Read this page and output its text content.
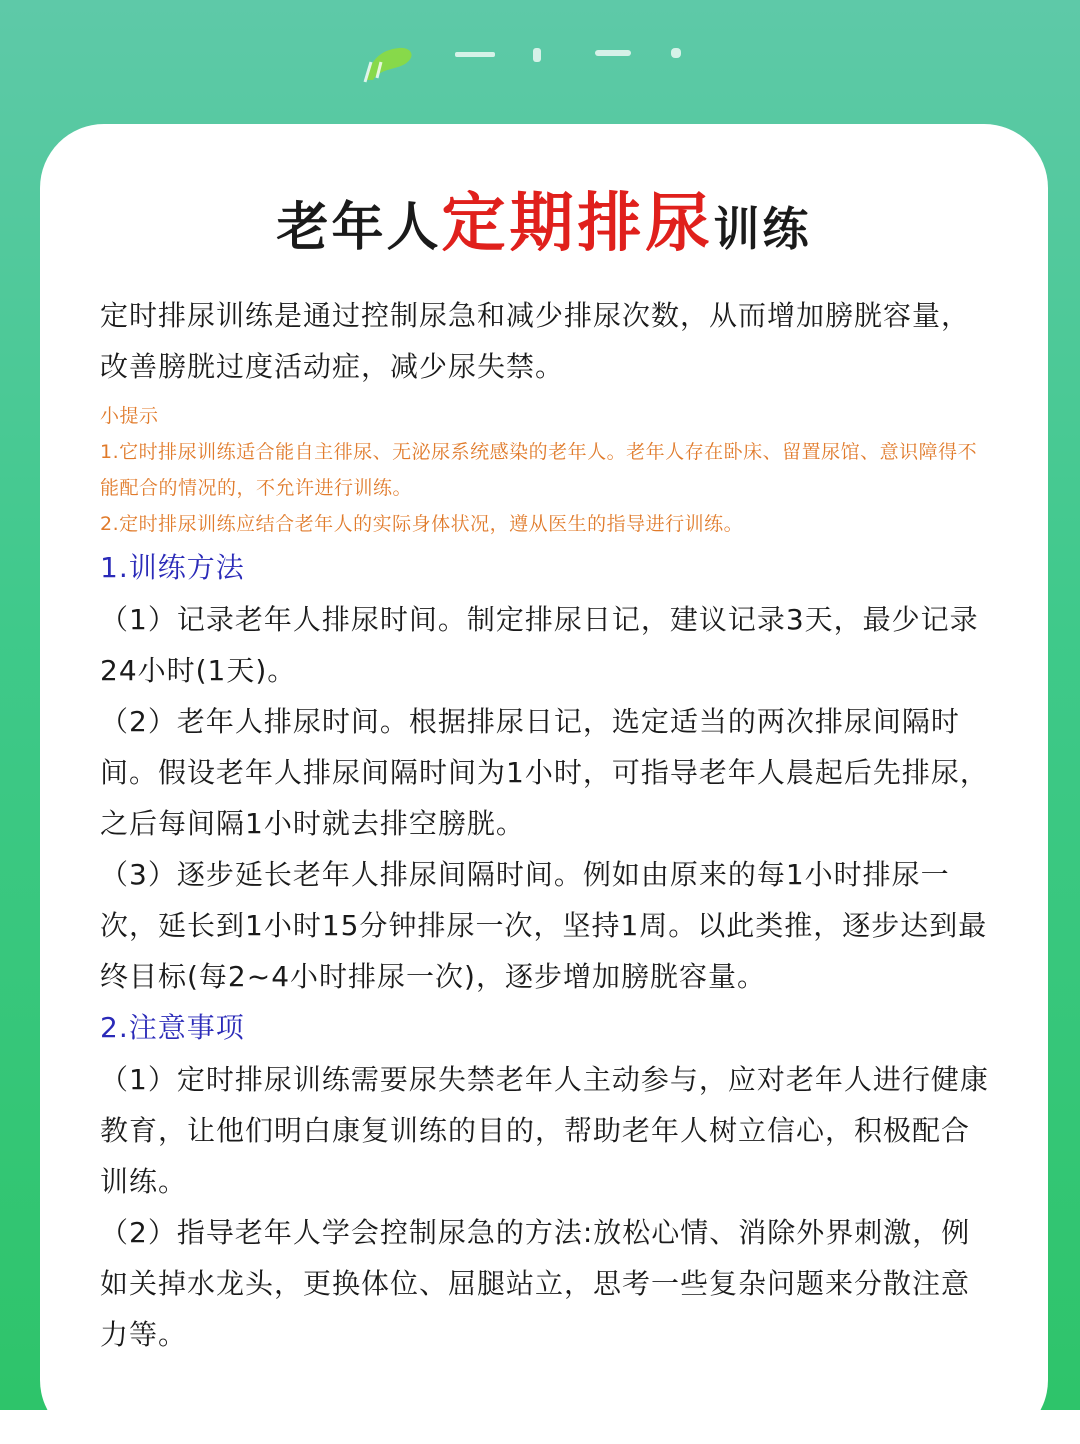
老年人定期排尿训练

定时排尿训练是通过控制尿急和减少排尿次数，从而增加膀胱容量，改善膀胱过度活动症，减少尿失禁。

小提示

1.它时排尿训练适合能自主徘尿、无泌尿系统感染的老年人。老年人存在卧床、留置尿馆、意识障得不能配合的情况的，不允许进行训练。

2.定时排尿训练应结合老年人的实际身体状况，遵从医生的指导进行训练。

1.训练方法

（1）记录老年人排尿时间。制定排尿日记，建议记录3天，最少记录24小时(1天)。

（2）老年人排尿时间。根据排尿日记，选定适当的两次排尿间隔时间。假设老年人排尿间隔时间为1小时，可指导老年人晨起后先排尿，之后每间隔1小时就去排空膀胱。

（3）逐步延长老年人排尿间隔时间。例如由原来的每1小时排尿一次，延长到1小时15分钟排尿一次，坚持1周。以此类推，逐步达到最终目标(每2~4小时排尿一次)，逐步增加膀胱容量。

2.注意事项

（1）定时排尿训练需要尿失禁老年人主动参与，应对老年人进行健康教育，让他们明白康复训练的目的，帮助老年人树立信心，积极配合训练。

（2）指导老年人学会控制尿急的方法:放松心情、消除外界刺激，例如关掉水龙头，更换体位、屈腿站立，思考一些复杂问题来分散注意力等。
